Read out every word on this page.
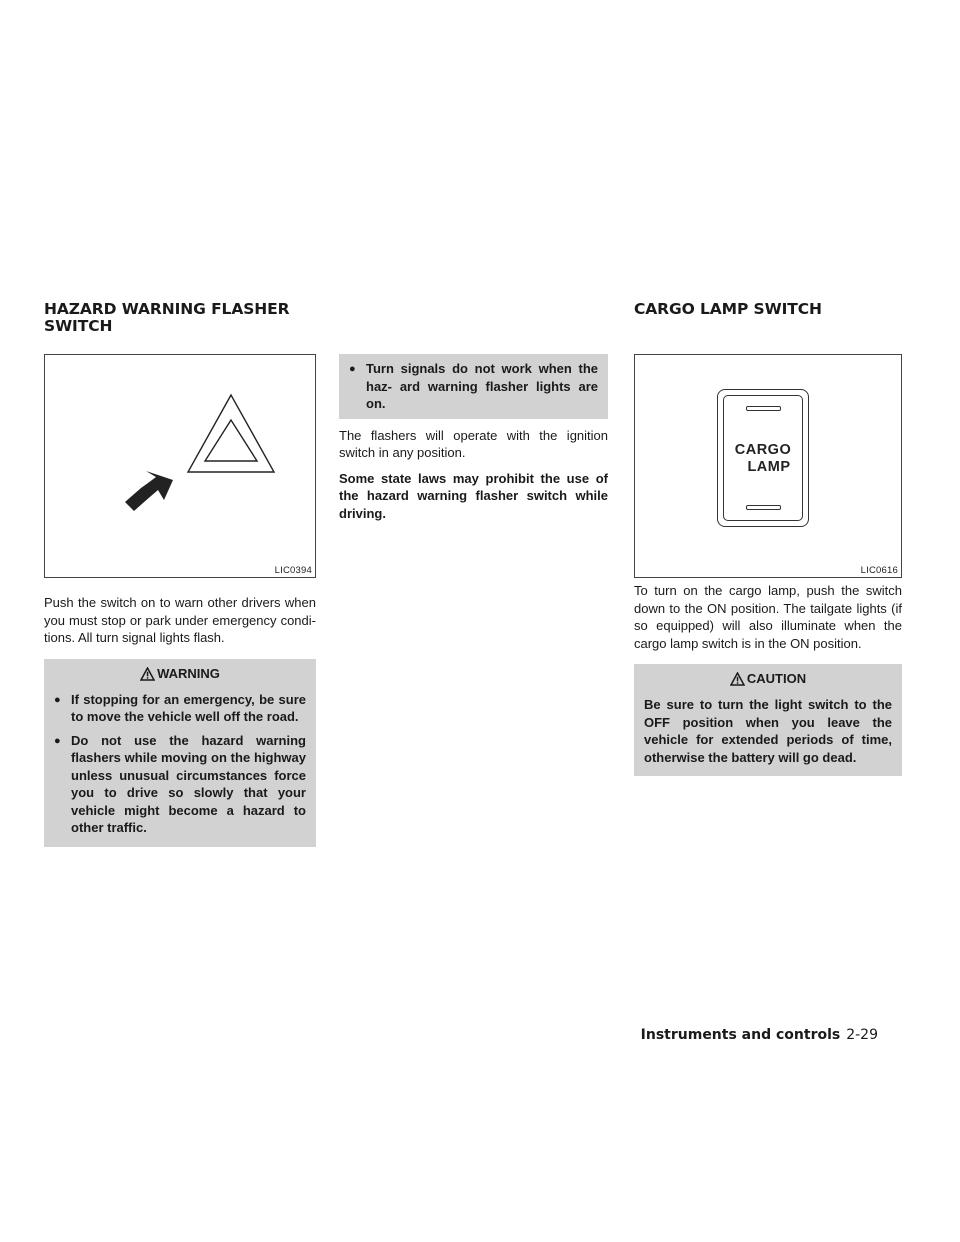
HAZARD WARNING FLASHER SWITCH
CARGO LAMP SWITCH
LIC0394
CARGO
LAMP
LIC0616

Push the switch on to warn other drivers when you must stop or park under emergency condi- tions. All turn signal lights flash.

WARNING
● If stopping for an emergency, be sure to move the vehicle well off the road.
● Do not use the hazard warning flashers while moving on the highway unless unusual circumstances force you to drive so slowly that your vehicle might become a hazard to other traffic.
● Turn signals do not work when the haz- ard warning flasher lights are on.

The flashers will operate with the ignition switch in any position.

Some state laws may prohibit the use of the hazard warning flasher switch while driving.

To turn on the cargo lamp, push the switch down to the ON position. The tailgate lights (if so equipped) will also illuminate when the cargo lamp switch is in the ON position.

CAUTION

Be sure to turn the light switch to the OFF position when you leave the vehicle for extended periods of time, otherwise the battery will go dead.

Instruments and controls 2-29
